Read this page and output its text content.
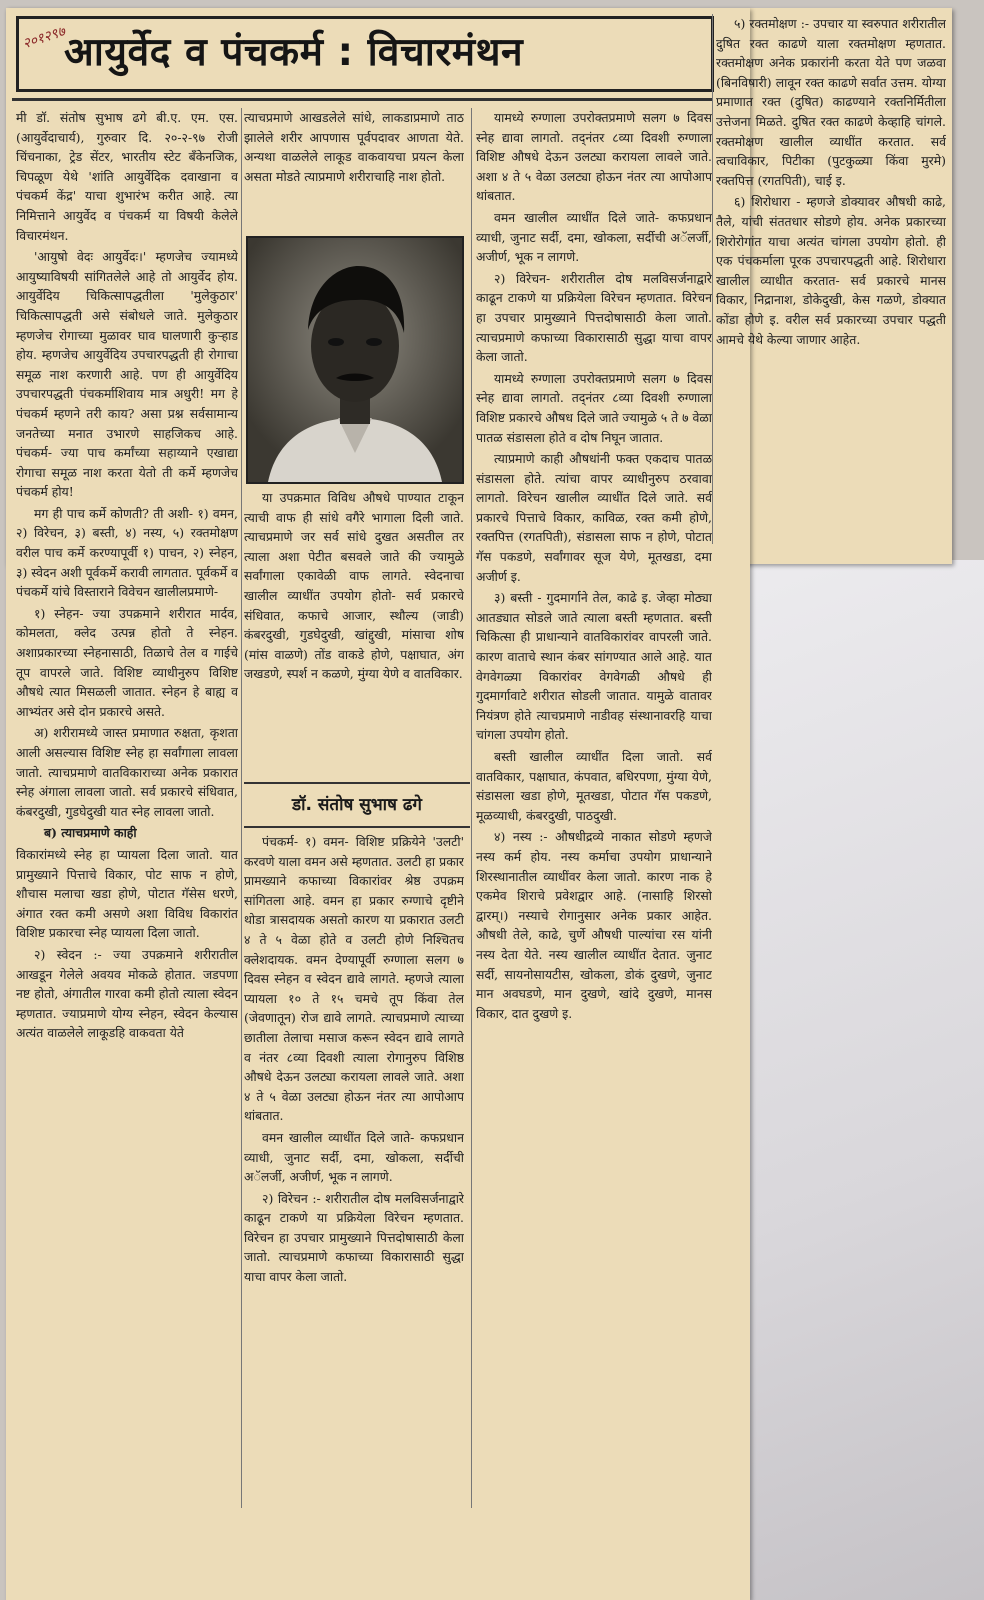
२०१२९७
आयुर्वेद व पंचकर्म : विचारमंथन

मी डॉ. संतोष सुभाष ढगे बी.ए. एम. एस. (आयुर्वेदाचार्य), गुरुवार दि. २०-२-९७ रोजी चिंचनाका, ट्रेड सेंटर, भारतीय स्टेट बँकेनजिक, चिपळूण येथे 'शांति आयुर्वेदिक दवाखाना व पंचकर्म केंद्र' याचा शुभारंभ करीत आहे. त्या निमित्ताने आयुर्वेद व पंचकर्म या विषयी केलेले विचारमंथन.

'आयुषो वेदः आयुर्वेदः।' म्हणजेच ज्यामध्ये आयुष्याविषयी सांगितलेले आहे तो आयुर्वेद होय. आयुर्वेदिय चिकित्सापद्धतीला 'मुलेकुठार' चिकित्सापद्धती असे संबोधले जाते. मुलेकुठार म्हणजेच रोगाच्या मुळावर घाव घालणारी कुऱ्हाड होय. म्हणजेच आयुर्वेदिय उपचारपद्धती ही रोगाचा समूळ नाश करणारी आहे. पण ही आयुर्वेदिय उपचारपद्धती पंचकर्माशिवाय मात्र अधुरी! मग हे पंचकर्म म्हणने तरी काय? असा प्रश्न सर्वसामान्य जनतेच्या मनात उभारणे साहजिकच आहे. पंचकर्म- ज्या पाच कर्मांच्या सहाय्याने एखाद्या रोगाचा समूळ नाश करता येतो ती कर्मे म्हणजेच पंचकर्म होय!

मग ही पाच कर्मे कोणती? ती अशी- १) वमन, २) विरेचन, ३) बस्ती, ४) नस्य, ५) रक्तमोक्षण वरील पाच कर्मे करण्यापूर्वी १) पाचन, २) स्नेहन, ३) स्वेदन अशी पूर्वकर्मे करावी लागतात. पूर्वकर्मे व पंचकर्मे यांचे विस्ताराने विवेचन खालीलप्रमाणे-

१) स्नेहन- ज्या उपक्रमाने शरीरात मार्दव, कोमलता, क्लेद उत्पन्न होतो ते स्नेहन. अशाप्रकारच्या स्नेहनासाठी, तिळाचे तेल व गाईचे तूप वापरले जाते. विशिष्ट व्याधीनुरुप विशिष्ट औषधे त्यात मिसळली जातात. स्नेहन हे बाह्य व आभ्यंतर असे दोन प्रकारचे असते.

अ) शरीरामध्ये जास्त प्रमाणात रुक्षता, कृशता आली असल्यास विशिष्ट स्नेह हा सर्वांगाला लावला जातो. त्याचप्रमाणे वातविकाराच्या अनेक प्रकारात स्नेह अंगाला लावला जातो. सर्व प्रकारचे संधिवात, कंबरदुखी, गुडघेदुखी यात स्नेह लावला जातो.

ब) त्याचप्रमाणे काही

विकारांमध्ये स्नेह हा प्यायला दिला जातो. यात प्रामुख्याने पित्ताचे विकार, पोट साफ न होणे, शौचास मलाचा खडा होणे, पोटात गॅसेस धरणे, अंगात रक्त कमी असणे अशा विविध विकारांत विशिष्ट प्रकारचा स्नेह प्यायला दिला जातो.

२) स्वेदन :- ज्या उपक्रमाने शरीरातील आखडून गेलेले अवयव मोकळे होतात. जडपणा नष्ट होतो, अंगातील गारवा कमी होतो त्याला स्वेदन म्हणतात. ज्याप्रमाणे योग्य स्नेहन, स्वेदन केल्यास अत्यंत वाळलेले लाकूडहि वाकवता येते

त्याचप्रमाणे आखडलेले सांधे, लाकडाप्रमाणे ताठ झालेले शरीर आपणास पूर्वपदावर आणता येते. अन्यथा वाळलेले लाकूड वाकवायचा प्रयत्न केला असता मोडते त्याप्रमाणे शरीराचाहि नाश होतो.

या उपक्रमात विविध औषधे पाण्यात टाकून त्याची वाफ ही सांधे वगैरे भागाला दिली जाते. त्याचप्रमाणे जर सर्व सांधे दुखत असतील तर त्याला अशा पेटीत बसवले जाते की ज्यामुळे सर्वांगाला एकावेळी वाफ लागते. स्वेदनाचा खालील व्याधींत उपयोग होतो- सर्व प्रकारचे संधिवात, कफाचे आजार, स्थौल्य (जाडी) कंबरदुखी, गुडघेदुखी, खांद्दुखी, मांसाचा शोष (मांस वाळणे) तोंड वाकडे होणे, पक्षाघात, अंग जखडणे, स्पर्श न कळणे, मुंग्या येणे व वातविकार.

डॉ. संतोष सुभाष ढगे

पंचकर्म- १) वमन- विशिष्ट प्रक्रियेने 'उलटी' करवणे याला वमन असे म्हणतात. उलटी हा प्रकार प्रामख्याने कफाच्या विकारांवर श्रेष्ठ उपक्रम सांगितला आहे. वमन हा प्रकार रुग्णाचे दृष्टीने थोडा त्रासदायक असतो कारण या प्रकारात उलटी ४ ते ५ वेळा होते व उलटी होणे निश्चितच क्लेशदायक. वमन देण्यापूर्वी रुग्णाला सलग ७ दिवस स्नेहन व स्वेदन द्यावे लागते. म्हणजे त्याला प्यायला १० ते १५ चमचे तूप किंवा तेल (जेवणातून) रोज द्यावे लागते. त्याचप्रमाणे त्याच्या छातीला तेलाचा मसाज करून स्वेदन द्यावे लागते व नंतर ८व्या दिवशी त्याला रोगानुरुप विशिष्ठ औषधे देऊन उलट्या करायला लावले जाते. अशा ४ ते ५ वेळा उलट्या होऊन नंतर त्या आपोआप थांबतात.

वमन खालील व्याधींत दिले जाते- कफप्रधान व्याधी, जुनाट सर्दी, दमा, खोकला, सर्दीची अॅलर्जी, अजीर्ण, भूक न लागणे.

२) विरेचन :- शरीरातील दोष मलविसर्जनाद्वारे काढून टाकणे या प्रक्रियेला विरेचन म्हणतात. विरेचन हा उपचार प्रामुख्याने पित्तदोषासाठी केला जातो. त्याचप्रमाणे कफाच्या विकारासाठी सुद्धा याचा वापर केला जातो.

यामध्ये रुग्णाला उपरोक्तप्रमाणे सलग ७ दिवस स्नेह द्यावा लागतो. तद्नंतर ८व्या दिवशी रुग्णाला विशिष्ट औषधे देऊन उलट्या करायला लावले जाते. अशा ४ ते ५ वेळा उलट्या होऊन नंतर त्या आपोआप थांबतात.

वमन खालील व्याधींत दिले जाते- कफप्रधान व्याधी, जुनाट सर्दी, दमा, खोकला, सर्दीची अॅलर्जी, अजीर्ण, भूक न लागणे.

२) विरेचन- शरीरातील दोष मलविसर्जनाद्वारे काढून टाकणे या प्रक्रियेला विरेचन म्हणतात. विरेचन हा उपचार प्रामुख्याने पित्तदोषासाठी केला जातो. त्याचप्रमाणे कफाच्या विकारासाठी सुद्धा याचा वापर केला जातो.

यामध्ये रुग्णाला उपरोक्तप्रमाणे सलग ७ दिवस स्नेह द्यावा लागतो. तद्नंतर ८व्या दिवशी रुग्णाला विशिष्ट प्रकारचे औषध दिले जाते ज्यामुळे ५ ते ७ वेळा पातळ संडासला होते व दोष निघून जातात.

त्याप्रमाणे काही औषधांनी फक्त एकदाच पातळ संडासला होते. त्यांचा वापर व्याधीनुरुप ठरवावा लागतो. विरेचन खालील व्याधींत दिले जाते. सर्व प्रकारचे पित्ताचे विकार, काविळ, रक्त कमी होणे, रक्तपित्त (रगतपिती), संडासला साफ न होणे, पोटात गॅस पकडणे, सर्वांगावर सूज येणे, मूतखडा, दमा अजीर्ण इ.

३) बस्ती - गुदमार्गाने तेल, काढे इ. जेव्हा मोठ्या आतड्यात सोडले जाते त्याला बस्ती म्हणतात. बस्ती चिकित्सा ही प्राधान्याने वातविकारांवर वापरली जाते. कारण वाताचे स्थान कंबर सांगण्यात आले आहे. यात वेगवेगळ्या विकारांवर वेगवेगळी औषधे ही गुदमार्गावाटे शरीरात सोडली जातात. यामुळे वातावर नियंत्रण होते त्याचप्रमाणे नाडीवह संस्थानावरहि याचा चांगला उपयोग होतो.

बस्ती खालील व्याधींत दिला जातो. सर्व वातविकार, पक्षाघात, कंपवात, बधिरपणा, मुंग्या येणे, संडासला खडा होणे, मूतखडा, पोटात गॅस पकडणे, मूळव्याधी, कंबरदुखी, पाठदुखी.

४) नस्य :- औषधीद्रव्ये नाकात सोडणे म्हणजे नस्य कर्म होय. नस्य कर्माचा उपयोग प्राधान्याने शिरस्थानातील व्याधींवर केला जातो. कारण नाक हे एकमेव शिराचे प्रवेशद्वार आहे. (नासाहि शिरसो द्वारम्।) नस्याचे रोगानुसार अनेक प्रकार आहेत. औषधी तेले, काढे, चुर्णे औषधी पाल्यांचा रस यांनी नस्य देता येते. नस्य खालील व्याधींत देतात. जुनाट सर्दी, सायनोसायटीस, खोकला, डोकं दुखणे, जुनाट मान अवघडणे, मान दुखणे, खांदे दुखणे, मानस विकार, दात दुखणे इ.

५) रक्तमोक्षण :- उपचार या स्वरुपात शरीरातील दुषित रक्त काढणे याला रक्तमोक्षण म्हणतात. रक्तमोक्षण अनेक प्रकारांनी करता येते पण जळवा (बिनविषारी) लावून रक्त काढणे सर्वात उत्तम. योग्या प्रमाणात रक्त (दुषित) काढण्याने रक्तनिर्मितीला उत्तेजना मिळते. दुषित रक्त काढणे केव्हाहि चांगले. रक्तमोक्षण खालील व्याधींत करतात. सर्व त्वचाविकार, पिटीका (पुटकुळ्या किंवा मुरमे) रक्तपित्त (रगतपिती), चाई इ.

६) शिरोधारा - म्हणजे डोक्यावर औषधी काढे, तैले, यांची संततधार सोडणे होय. अनेक प्रकारच्या शिरोरोगांत याचा अत्यंत चांगला उपयोग होतो. ही एक पंचकर्माला पूरक उपचारपद्धती आहे. शिरोधारा खालील व्याधीत करतात- सर्व प्रकारचे मानस विकार, निद्रानाश, डोकेदुखी, केस गळणे, डोक्यात कोंडा होणे इ. वरील सर्व प्रकारच्या उपचार पद्धती आमचे येथे केल्या जाणार आहेत.
